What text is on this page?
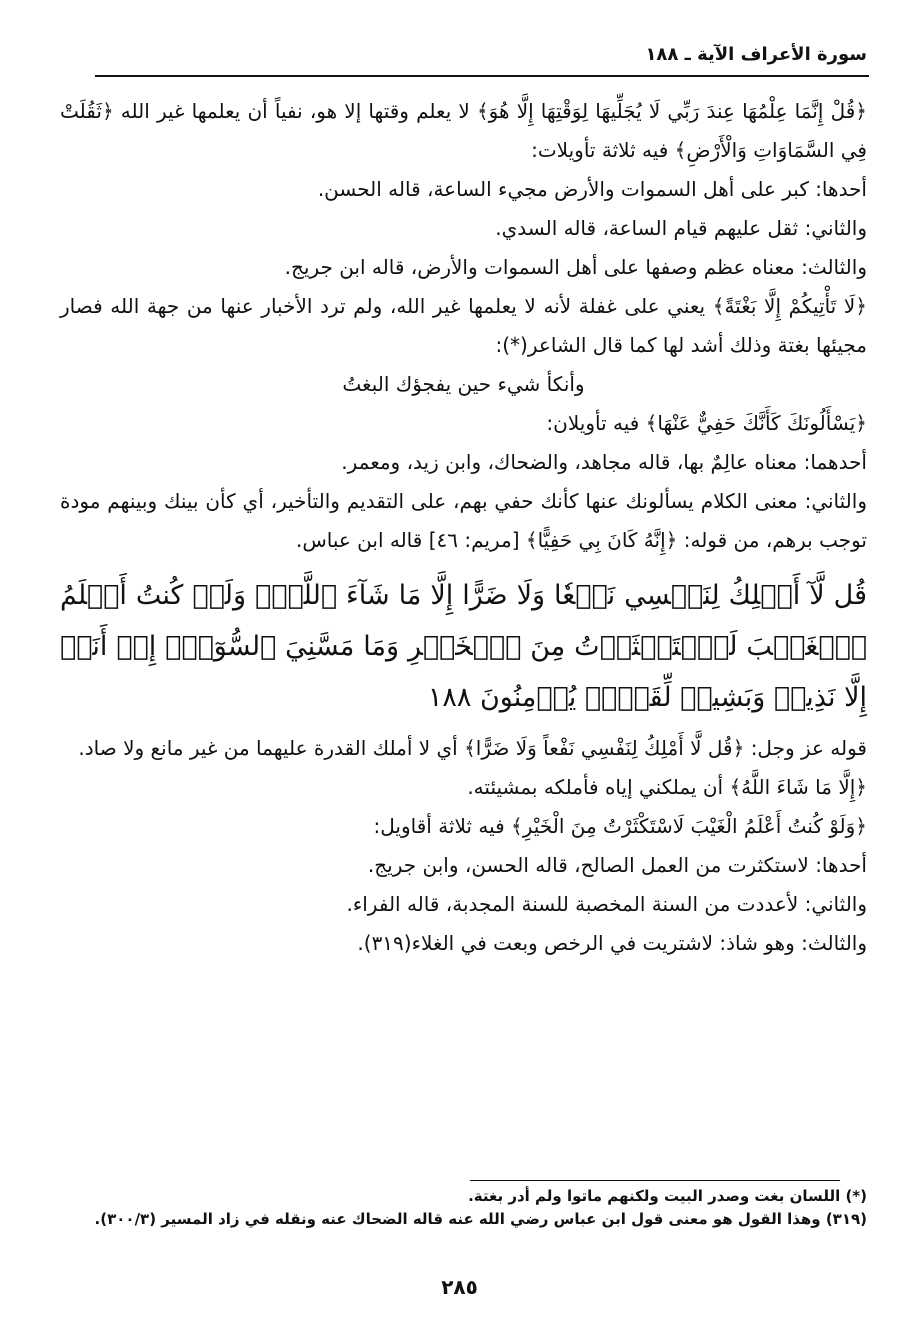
سورة الأعراف الآية ـ ١٨٨

﴿قُلْ إِنَّمَا عِلْمُهَا عِندَ رَبِّي لَا يُجَلِّيهَا لِوَقْتِهَا إِلَّا هُوَ﴾ لا يعلم وقتها إلا هو، نفياً أن يعلمها غير الله ﴿ثَقُلَتْ فِي السَّمَاوَاتِ وَالْأَرْضِ﴾ فيه ثلاثة تأويلات:

أحدها: كبر على أهل السموات والأرض مجيء الساعة، قاله الحسن.

والثاني: ثقل عليهم قيام الساعة، قاله السدي.

والثالث: معناه عظم وصفها على أهل السموات والأرض، قاله ابن جريج.

﴿لَا تَأْتِيكُمْ إِلَّا بَغْتَةً﴾ يعني على غفلة لأنه لا يعلمها غير الله، ولم ترد الأخبار عنها من جهة الله فصار مجيئها بغتة وذلك أشد لها كما قال الشاعر(*):

وأنكأ شيء حين يفجؤك البغتُ

﴿يَسْأَلُونَكَ كَأَنَّكَ حَفِيٌّ عَنْهَا﴾ فيه تأويلان:

أحدهما: معناه عالِمٌ بها، قاله مجاهد، والضحاك، وابن زيد، ومعمر.

والثاني: معنى الكلام يسألونك عنها كأنك حفي بهم، على التقديم والتأخير، أي كأن بينك وبينهم مودة توجب برهم، من قوله: ﴿إِنَّهُ كَانَ بِي حَفِيًّا﴾ [مريم: ٤٦] قاله ابن عباس.

قُل لَّآ أَمۡلِكُ لِنَفۡسِي نَفۡعٗا وَلَا ضَرًّا إِلَّا مَا شَآءَ ٱللَّهُۚ وَلَوۡ كُنتُ أَعۡلَمُ ٱلۡغَيۡبَ لَٱسۡتَكۡثَرۡتُ مِنَ ٱلۡخَيۡرِ وَمَا مَسَّنِيَ ٱلسُّوٓءُۚ إِنۡ أَنَا۠ إِلَّا نَذِيرٞ وَبَشِيرٞ لِّقَوۡمٖ يُؤۡمِنُونَ ١٨٨

قوله عز وجل: ﴿قُل لَّا أَمْلِكُ لِنَفْسِي نَفْعاً وَلَا ضَرًّا﴾ أي لا أملك القدرة عليهما من غير مانع ولا صاد.

﴿إِلَّا مَا شَاءَ اللَّهُ﴾ أن يملكني إياه فأملكه بمشيئته.

﴿وَلَوْ كُنتُ أَعْلَمُ الْغَيْبَ لَاسْتَكْثَرْتُ مِنَ الْخَيْرِ﴾ فيه ثلاثة أقاويل:

أحدها: لاستكثرت من العمل الصالح، قاله الحسن، وابن جريج.

والثاني: لأعددت من السنة المخصبة للسنة المجدبة، قاله الفراء.

والثالث: وهو شاذ: لاشتريت في الرخص وبعت في الغلاء(٣١٩).

(*) اللسان بغت وصدر البيت ولكنهم ماتوا ولم أدر بغتة.

(٣١٩) وهذا القول هو معنى قول ابن عباس رضي الله عنه قاله الضحاك عنه ونقله في زاد المسير (٣٠٠/٣).

٢٨٥
